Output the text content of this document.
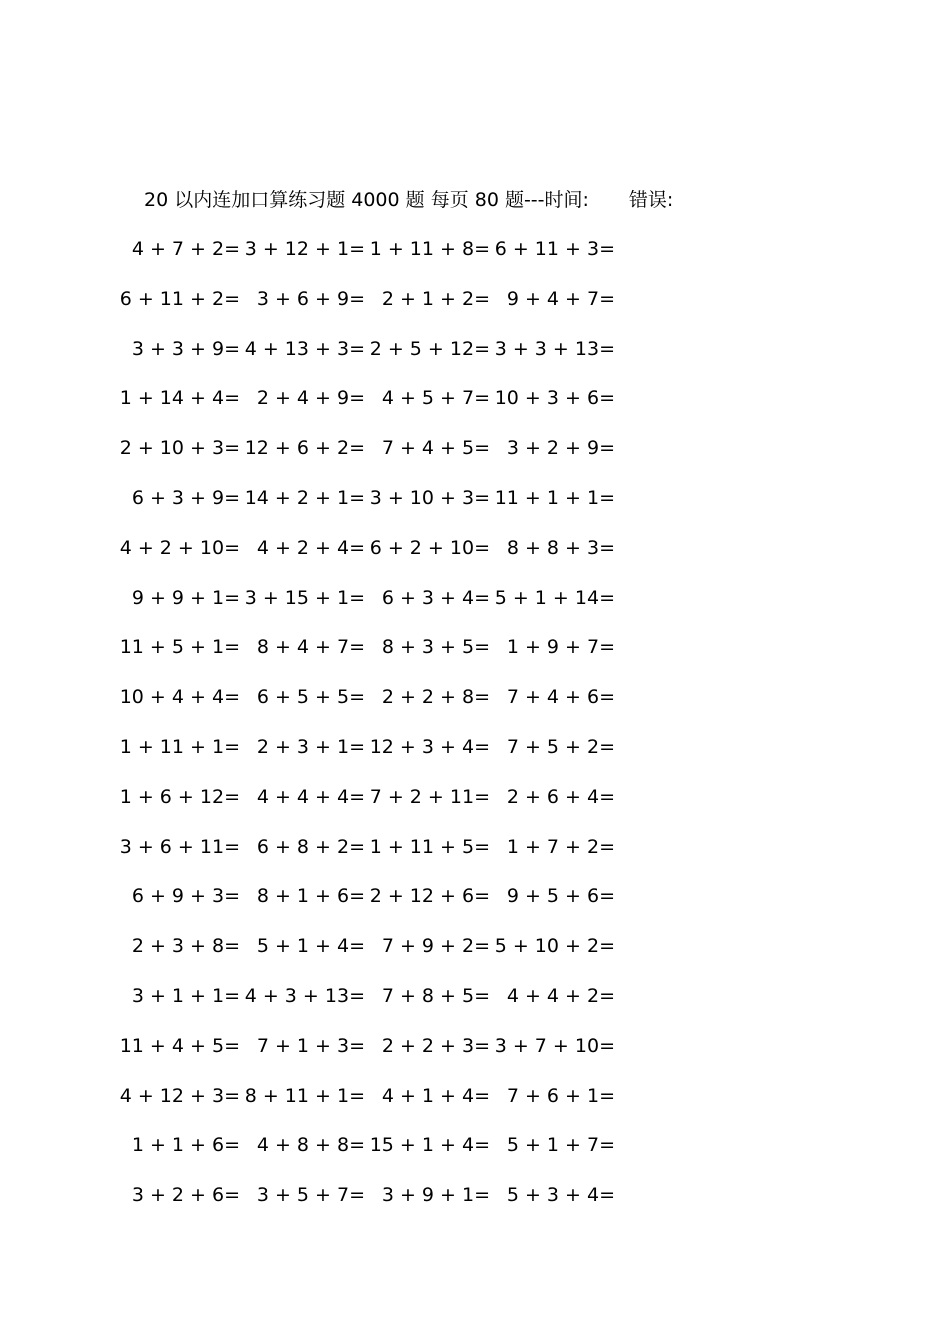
20 以内连加口算练习题 4000 题 每页 80 题---时间: 错误:
4 + 7 + 2= 3 + 12 + 1= 1 + 11 + 8= 6 + 11 + 3=
6 + 11 + 2= 3 + 6 + 9= 2 + 1 + 2= 9 + 4 + 7=
3 + 3 + 9= 4 + 13 + 3= 2 + 5 + 12= 3 + 3 + 13=
1 + 14 + 4= 2 + 4 + 9= 4 + 5 + 7= 10 + 3 + 6=
2 + 10 + 3= 12 + 6 + 2= 7 + 4 + 5= 3 + 2 + 9=
6 + 3 + 9= 14 + 2 + 1= 3 + 10 + 3= 11 + 1 + 1=
4 + 2 + 10= 4 + 2 + 4= 6 + 2 + 10= 8 + 8 + 3=
9 + 9 + 1= 3 + 15 + 1= 6 + 3 + 4= 5 + 1 + 14=
11 + 5 + 1= 8 + 4 + 7= 8 + 3 + 5= 1 + 9 + 7=
10 + 4 + 4= 6 + 5 + 5= 2 + 2 + 8= 7 + 4 + 6=
1 + 11 + 1= 2 + 3 + 1= 12 + 3 + 4= 7 + 5 + 2=
1 + 6 + 12= 4 + 4 + 4= 7 + 2 + 11= 2 + 6 + 4=
3 + 6 + 11= 6 + 8 + 2= 1 + 11 + 5= 1 + 7 + 2=
6 + 9 + 3= 8 + 1 + 6= 2 + 12 + 6= 9 + 5 + 6=
2 + 3 + 8= 5 + 1 + 4= 7 + 9 + 2= 5 + 10 + 2=
3 + 1 + 1= 4 + 3 + 13= 7 + 8 + 5= 4 + 4 + 2=
11 + 4 + 5= 7 + 1 + 3= 2 + 2 + 3= 3 + 7 + 10=
4 + 12 + 3= 8 + 11 + 1= 4 + 1 + 4= 7 + 6 + 1=
1 + 1 + 6= 4 + 8 + 8= 15 + 1 + 4= 5 + 1 + 7=
3 + 2 + 6= 3 + 5 + 7= 3 + 9 + 1= 5 + 3 + 4=
